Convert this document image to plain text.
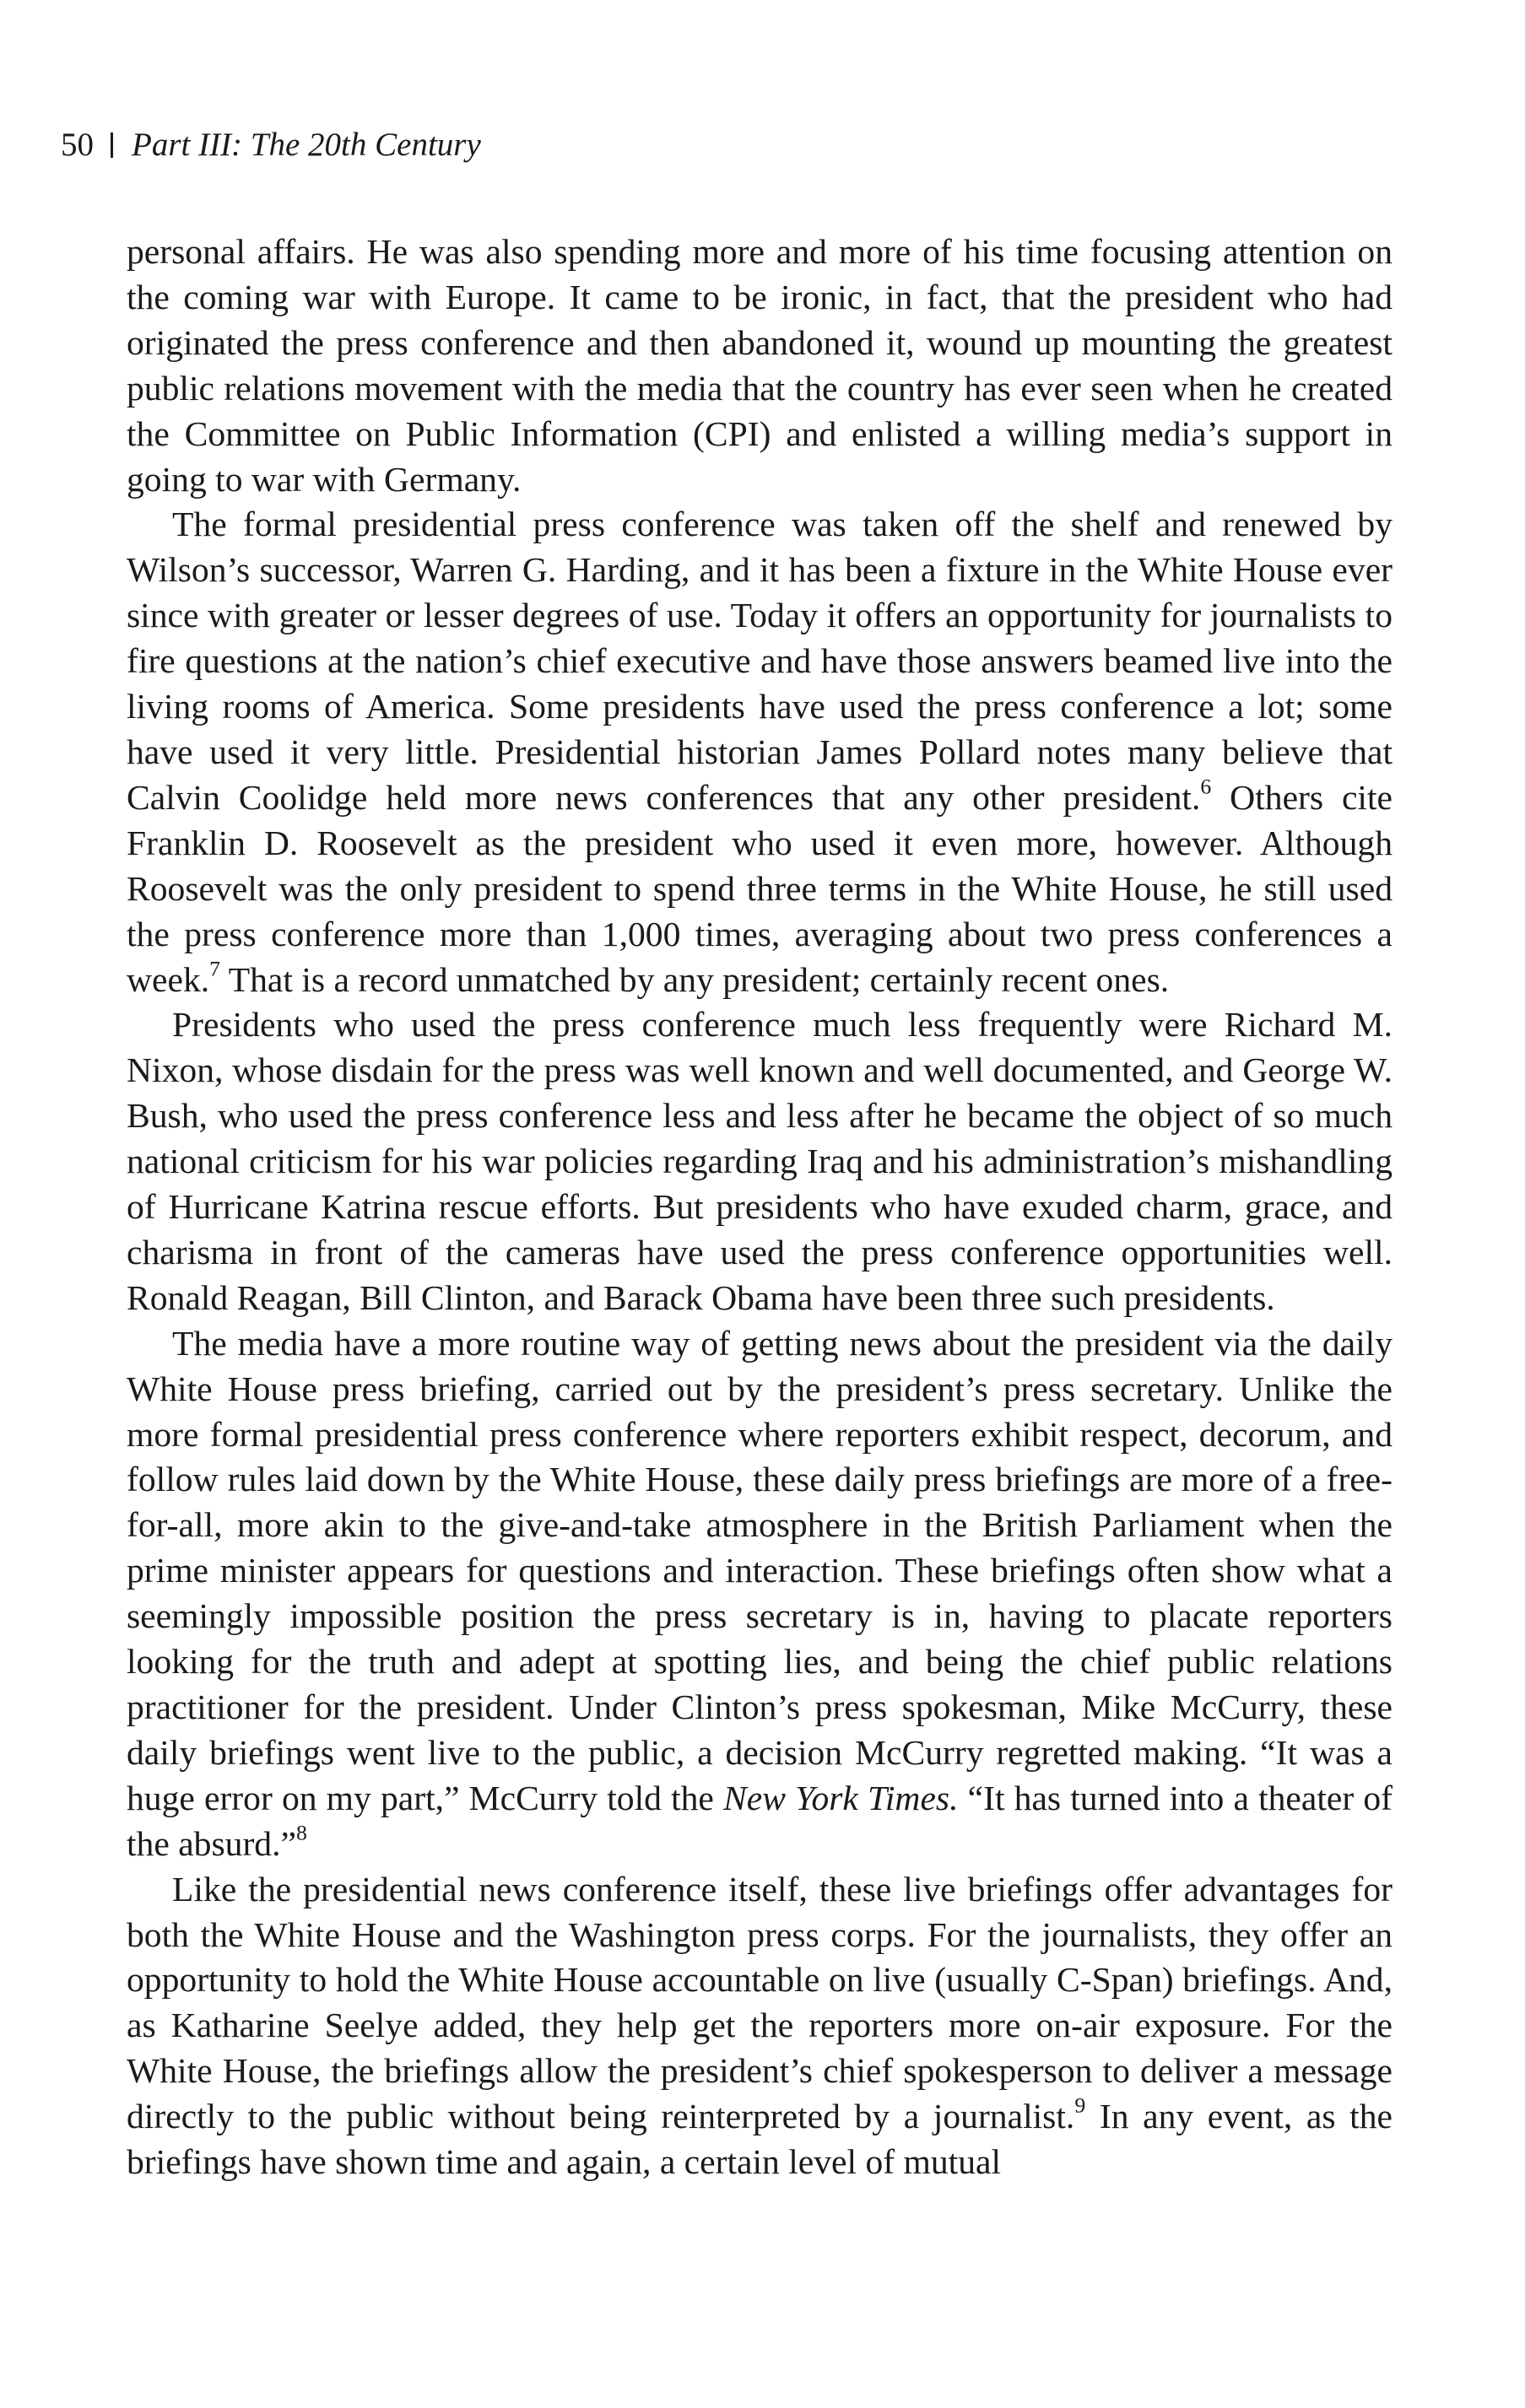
50 Part III: The 20th Century

personal affairs. He was also spending more and more of his time focusing attention on the coming war with Europe. It came to be ironic, in fact, that the president who had originated the press conference and then abandoned it, wound up mounting the greatest public relations movement with the media that the country has ever seen when he created the Committee on Public Information (CPI) and enlisted a willing media’s support in going to war with Germany.

The formal presidential press conference was taken off the shelf and renewed by Wilson’s successor, Warren G. Harding, and it has been a fixture in the White House ever since with greater or lesser degrees of use. Today it offers an opportunity for journalists to fire questions at the nation’s chief executive and have those answers beamed live into the living rooms of America. Some presidents have used the press conference a lot; some have used it very little. Presidential historian James Pollard notes many believe that Calvin Coolidge held more news conferences that any other president.$^6$ Others cite Franklin D. Roosevelt as the president who used it even more, however. Although Roosevelt was the only president to spend three terms in the White House, he still used the press conference more than 1,000 times, averaging about two press conferences a week.$^7$ That is a record unmatched by any president; certainly recent ones.

Presidents who used the press conference much less frequently were Richard M. Nixon, whose disdain for the press was well known and well documented, and George W. Bush, who used the press conference less and less after he became the object of so much national criticism for his war policies regarding Iraq and his administration’s mishandling of Hurricane Katrina rescue efforts. But presidents who have exuded charm, grace, and charisma in front of the cameras have used the press conference opportunities well. Ronald Reagan, Bill Clinton, and Barack Obama have been three such presidents.

The media have a more routine way of getting news about the president via the daily White House press briefing, carried out by the president’s press secretary. Unlike the more formal presidential press conference where reporters exhibit respect, decorum, and follow rules laid down by the White House, these daily press briefings are more of a free-for-all, more akin to the give-and-take atmosphere in the British Parliament when the prime minister appears for questions and interaction. These briefings often show what a seemingly impossible position the press secretary is in, having to placate reporters looking for the truth and adept at spotting lies, and being the chief public relations practitioner for the president. Under Clinton’s press spokesman, Mike McCurry, these daily briefings went live to the public, a decision McCurry regretted making. “It was a huge error on my part,” McCurry told the New York Times. “It has turned into a theater of the absurd.”$^8$

Like the presidential news conference itself, these live briefings offer advantages for both the White House and the Washington press corps. For the journalists, they offer an opportunity to hold the White House accountable on live (usually C-Span) briefings. And, as Katharine Seelye added, they help get the reporters more on-air exposure. For the White House, the briefings allow the president’s chief spokesperson to deliver a message directly to the public without being reinterpreted by a journalist.$^9$ In any event, as the briefings have shown time and again, a certain level of mutual
